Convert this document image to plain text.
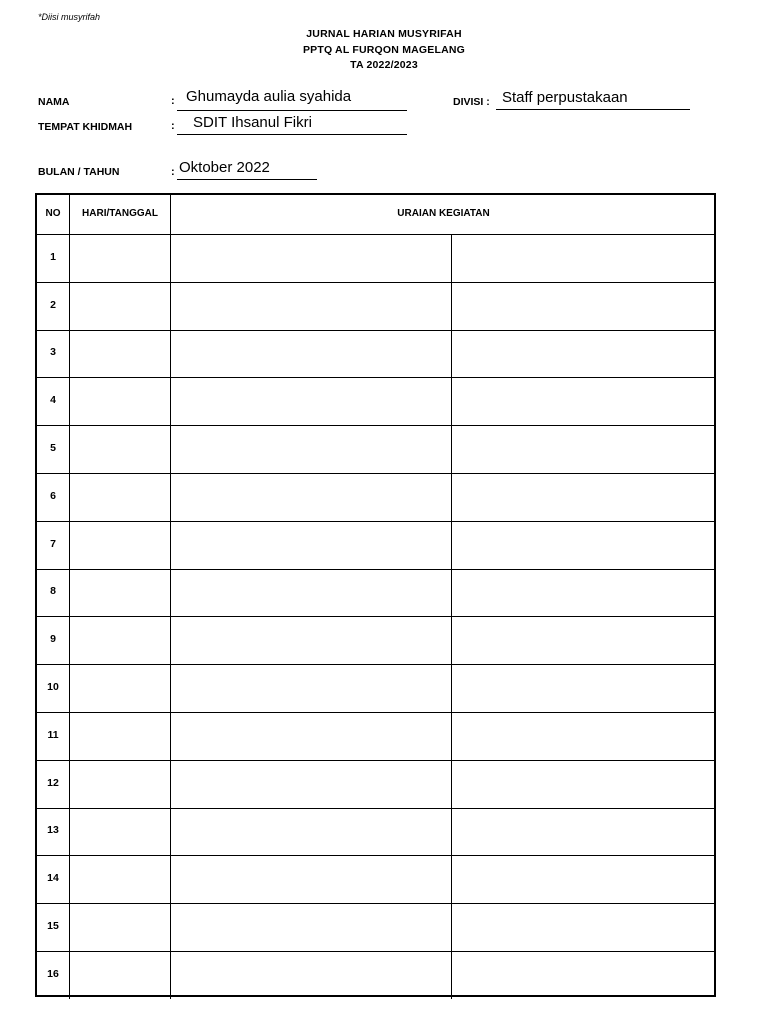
*Diisi musyrifah
JURNAL HARIAN MUSYRIFAH
PPTQ AL FURQON MAGELANG
TA 2022/2023
NAMA	: Ghumayda aulia syahida	DIVISI : Staff perpustakaan
TEMPAT KHIDMAH	: SDIT Ihsanul Fikri
BULAN / TAHUN	: Oktober 2022
NO	HARI/TANGGAL	URAIAN KEGIATAN
1
2
3
4
5
6
7
8
9
10
11
12
13
14
15
16
